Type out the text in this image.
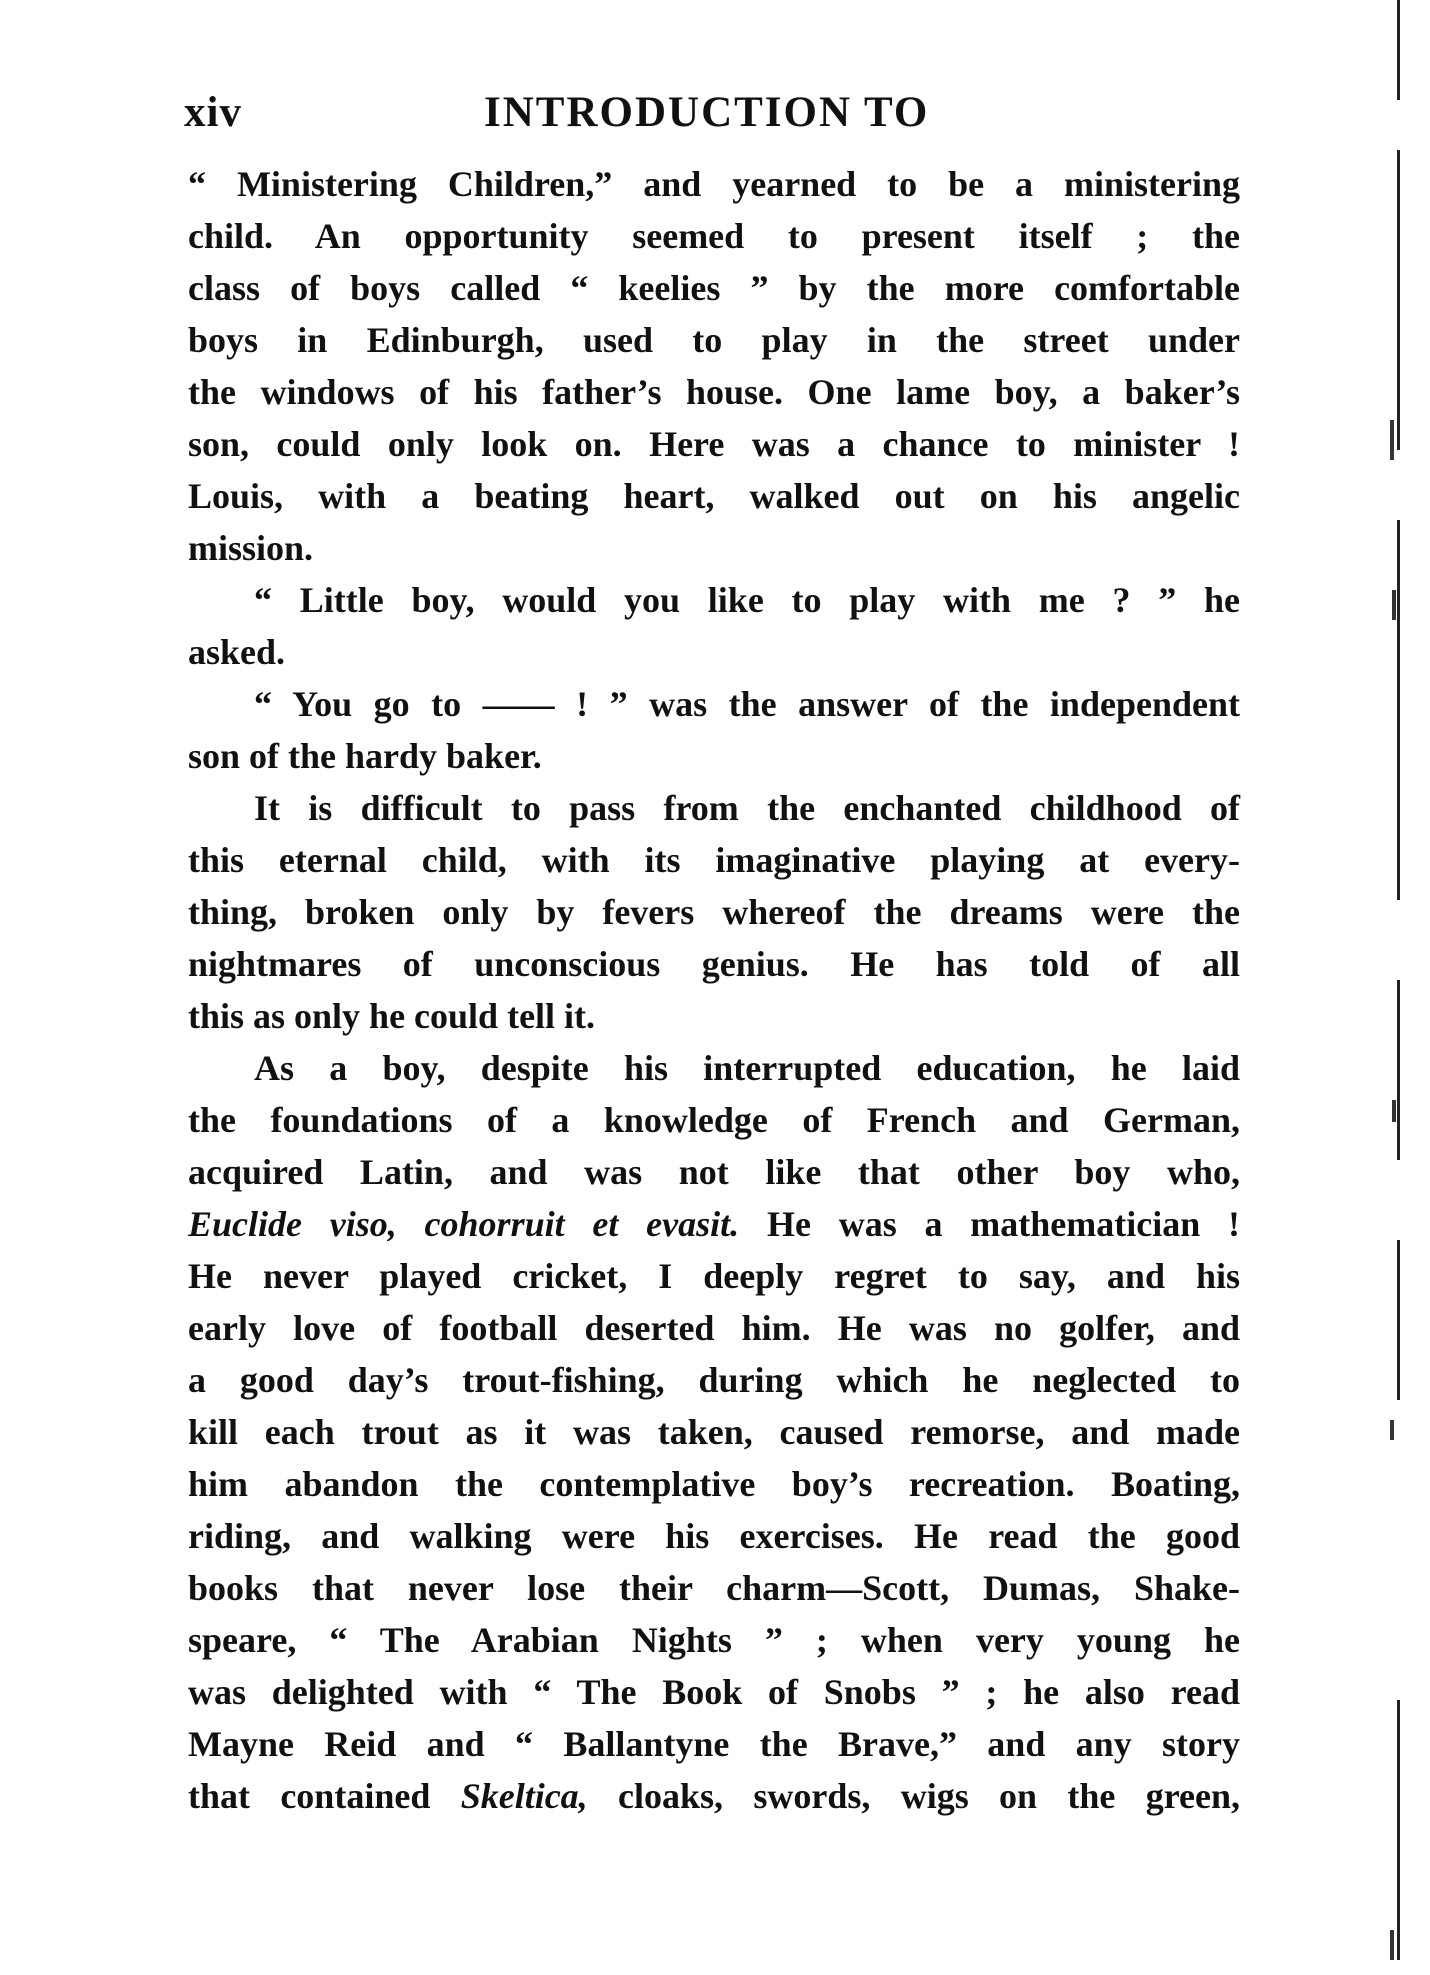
xiv	INTRODUCTION TO
“ Ministering Children,” and yearned to be a ministering
child. An opportunity seemed to present itself ; the
class of boys called “ keelies ” by the more comfortable
boys in Edinburgh, used to play in the street under
the windows of his father’s house. One lame boy, a baker’s
son, could only look on. Here was a chance to minister !
Louis, with a beating heart, walked out on his angelic
mission.
“ Little boy, would you like to play with me ? ” he
asked.
“ You go to —— ! ” was the answer of the independent
son of the hardy baker.
It is difficult to pass from the enchanted childhood of
this eternal child, with its imaginative playing at every-
thing, broken only by fevers whereof the dreams were the
nightmares of unconscious genius. He has told of all
this as only he could tell it.
As a boy, despite his interrupted education, he laid
the foundations of a knowledge of French and German,
acquired Latin, and was not like that other boy who,
Euclide viso, cohorruit et evasit. He was a mathematician !
He never played cricket, I deeply regret to say, and his
early love of football deserted him. He was no golfer, and
a good day’s trout-fishing, during which he neglected to
kill each trout as it was taken, caused remorse, and made
him abandon the contemplative boy’s recreation. Boating,
riding, and walking were his exercises. He read the good
books that never lose their charm—Scott, Dumas, Shake-
speare, “ The Arabian Nights ” ; when very young he
was delighted with “ The Book of Snobs ” ; he also read
Mayne Reid and “ Ballantyne the Brave,” and any story
that contained Skeltica, cloaks, swords, wigs on the green,
